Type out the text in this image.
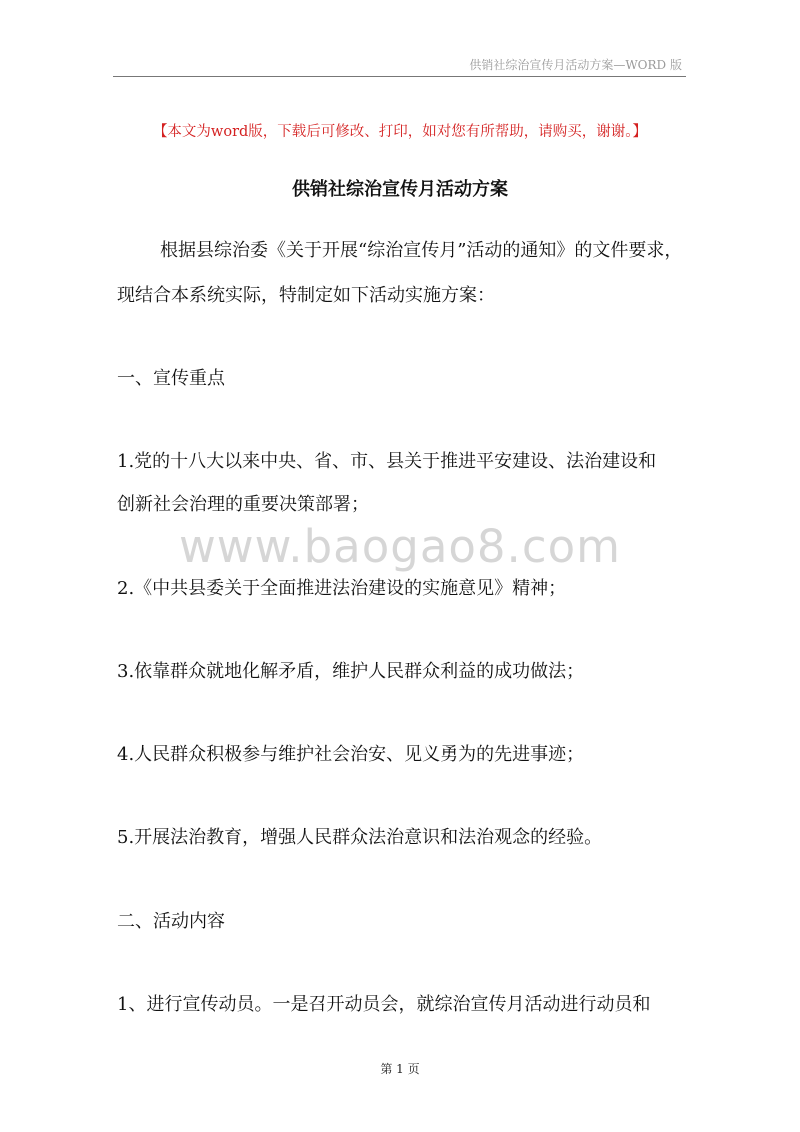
供销社综治宣传月活动方案—WORD 版
【本文为word版，下载后可修改、打印，如对您有所帮助，请购买，谢谢。】
供销社综治宣传月活动方案
根据县综治委《关于开展“综治宣传月”活动的通知》的文件要求，
现结合本系统实际，特制定如下活动实施方案：
一、宣传重点
1.党的十八大以来中央、省、市、县关于推进平安建设、法治建设和
创新社会治理的重要决策部署；
www.baogao8.com
2.《中共县委关于全面推进法治建设的实施意见》精神；
3.依靠群众就地化解矛盾，维护人民群众利益的成功做法；
4.人民群众积极参与维护社会治安、见义勇为的先进事迹；
5.开展法治教育，增强人民群众法治意识和法治观念的经验。
二、活动内容
1、进行宣传动员。一是召开动员会，就综治宣传月活动进行动员和
第 1 页
